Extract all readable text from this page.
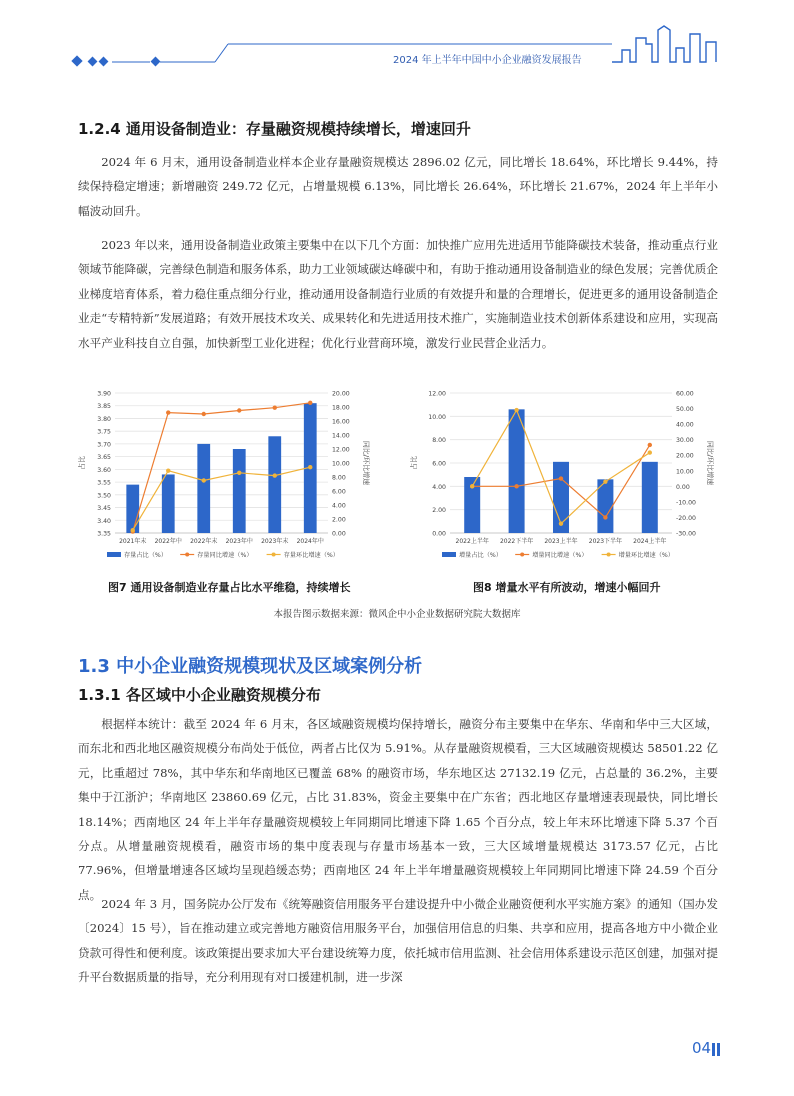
2024 年上半年中国中小企业融资发展报告
1.2.4 通用设备制造业：存量融资规模持续增长，增速回升
2024 年 6 月末，通用设备制造业样本企业存量融资规模达 2896.02 亿元，同比增长 18.64%，环比增长 9.44%，持续保持稳定增速；新增融资 249.72 亿元，占增量规模 6.13%，同比增长 26.64%，环比增长 21.67%，2024 年上半年小幅波动回升。
2023 年以来，通用设备制造业政策主要集中在以下几个方面：加快推广应用先进适用节能降碳技术装备，推动重点行业领域节能降碳，完善绿色制造和服务体系，助力工业领域碳达峰碳中和，有助于推动通用设备制造业的绿色发展；完善优质企业梯度培育体系，着力稳住重点细分行业，推动通用设备制造行业质的有效提升和量的合理增长，促进更多的通用设备制造企业走“专精特新”发展道路；有效开展技术攻关、成果转化和先进适用技术推广，实施制造业技术创新体系建设和应用，实现高水平产业科技自立自强，加快新型工业化进程；优化行业营商环境，激发行业民营企业活力。
3.35
3.40
3.45
3.50
3.55
3.60
3.65
3.70
3.75
3.80
3.85
3.90
0.00
2.00
4.00
6.00
8.00
10.00
12.00
14.00
16.00
18.00
20.00
占比	同比/环比增速
2021年末 2022年中 2022年末 2023年中 2023年末 2024年中
存量占比（%）	存量同比增速（%）	存量环比增速（%）
图7 通用设备制造业存量占比水平维稳，持续增长
0.00
2.00
4.00
6.00
8.00
10.00
12.00
-30.00
-20.00
-10.00
0.00
10.00
20.00
30.00
40.00
50.00
60.00
占比	同比/环比增速
2022上半年 2022下半年 2023上半年 2023下半年 2024上半年
增量占比（%）	增量同比增速（%）	增量环比增速（%）
图8 增量水平有所波动，增速小幅回升
本报告图示数据来源：微风企中小企业数据研究院大数据库
1.3 中小企业融资规模现状及区域案例分析
1.3.1 各区域中小企业融资规模分布
根据样本统计：截至 2024 年 6 月末，各区域融资规模均保持增长，融资分布主要集中在华东、华南和华中三大区域，而东北和西北地区融资规模分布尚处于低位，两者占比仅为 5.91%。从存量融资规模看，三大区域融资规模达 58501.22 亿元，比重超过 78%，其中华东和华南地区已覆盖 68% 的融资市场，华东地区达 27132.19 亿元，占总量的 36.2%，主要集中于江浙沪；华南地区 23860.69 亿元，占比 31.83%，资金主要集中在广东省；西北地区存量增速表现最快，同比增长 18.14%；西南地区 24 年上半年存量融资规模较上年同期同比增速下降 1.65 个百分点，较上年末环比增速下降 5.37 个百分点。从增量融资规模看，融资市场的集中度表现与存量市场基本一致，三大区域增量规模达 3173.57 亿元，占比 77.96%，但增量增速各区域均呈现趋缓态势；西南地区 24 年上半年增量融资规模较上年同期同比增速下降 24.59 个百分点。
2024 年 3 月，国务院办公厅发布《统筹融资信用服务平台建设提升中小微企业融资便利水平实施方案》的通知（国办发〔2024〕15 号），旨在推动建立或完善地方融资信用服务平台，加强信用信息的归集、共享和应用，提高各地方中小微企业贷款可得性和便利度。该政策提出要求加大平台建设统筹力度，依托城市信用监测、社会信用体系建设示范区创建，加强对提升平台数据质量的指导，充分利用现有对口援建机制，进一步深
04
